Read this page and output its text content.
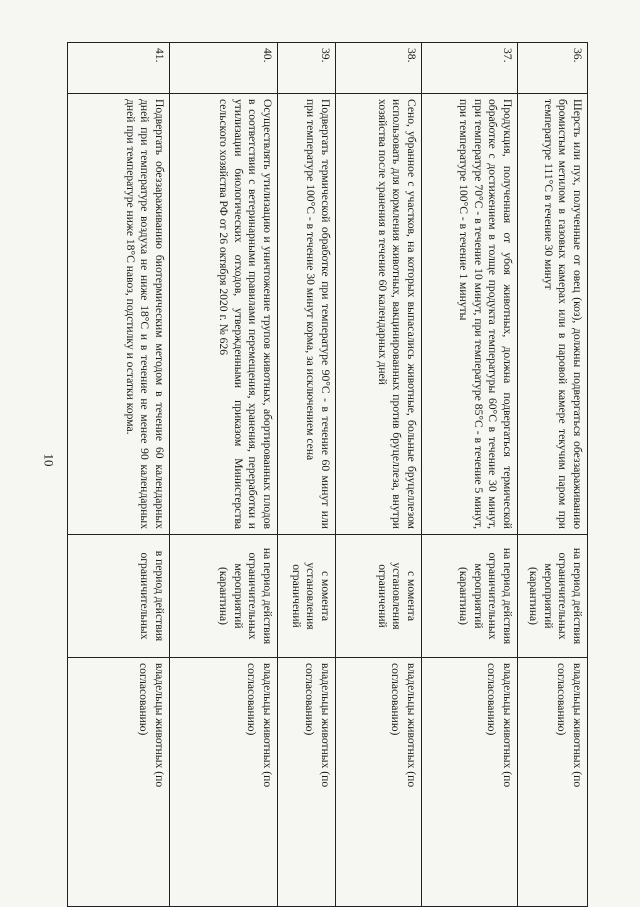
10
36.	Шерсть или пух, полученные от овец (коз), должны подвергаться обеззараживанию бромистым метилом в газовых камерах или в паровой камере текучим паром при температуре 111°С в течение 30 минут	на период действия ограничительных мероприятий (карантина)	владельцы животных (по
согласованию)

37.	Продукция, полученная от убоя животных, должна подвергаться термической обработке с достижением в толще продукта температуры 60°С в течение 30 минут, при температуре 70°С - в течение 10 минут, при температуре 85°С - в течение 5 минут, при температуре 100°С - в течение 1 минуты	на период действия ограничительных мероприятий (карантина)	владельцы животных (по
согласованию)

38.	Сено, убранное с участков, на которых выпасались животные, больные бруцеллезом использовать для кормления животных, вакцинированных против бруцеллеза, внутри хозяйства после хранения в течение 60 календарных дней	с момента установления ограничений	владельцы животных (по
согласованию)

39.	Подвергать термической обработке при температуре 90°С - в течение 60 минут или при температуре 100°С - в течение 30 минут корма, за исключением сена	с момента установления ограничений	владельцы животных (по
согласованию)

40.	Осуществлять утилизацию и уничтожение трупов животных, абортированных плодов в соответствии с ветеринарными правилами перемещения, хранения, переработки и утилизации биологических отходов, утвержденными приказом Министерства сельского хозяйства РФ от 26 октября 2020 г. № 626	на период действия ограничительных мероприятий (карантина)	владельцы животных (по
согласованию)

41.	Подвергать обеззараживанию биотермическим методом в течение 60 календарных дней при температуре воздуха не ниже 18°С и в течение не менее 90 календарных дней при температуре ниже 18°С навоз, подстилку и остатки корма.	в период действия ограничительных	владельцы животных (по
согласованию)
